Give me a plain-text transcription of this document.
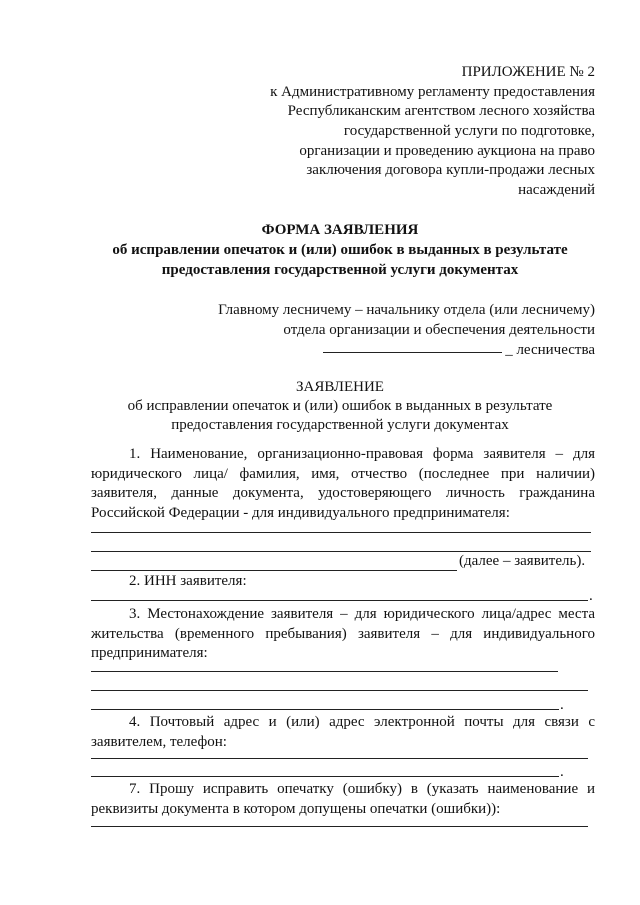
ПРИЛОЖЕНИЕ № 2
к Административному регламенту предоставления
Республиканским агентством лесного хозяйства
государственной услуги по подготовке,
организации и проведению аукциона на право
заключения договора купли-продажи лесных
насаждений
ФОРМА ЗАЯВЛЕНИЯ
об исправлении опечаток и (или) ошибок в выданных в результате
предоставления государственной услуги документах
Главному лесничему – начальнику отдела (или лесничему)
отдела организации и обеспечения деятельности
_ лесничества
ЗАЯВЛЕНИЕ
об исправлении опечаток и (или) ошибок в выданных в результате
предоставления государственной услуги документах
1. Наименование, организационно-правовая форма заявителя – для юридического лица/ фамилия, имя, отчество (последнее при наличии) заявителя, данные документа, удостоверяющего личность гражданина Российской Федерации - для индивидуального предпринимателя:
(далее – заявитель).
2. ИНН заявителя:
.
3. Местонахождение заявителя – для юридического лица/адрес места жительства (временного пребывания) заявителя – для индивидуального предпринимателя:
.
4. Почтовый адрес и (или) адрес электронной почты для связи с заявителем, телефон:
.
7. Прошу исправить опечатку (ошибку) в (указать наименование и реквизиты документа в котором допущены опечатки (ошибки)):
